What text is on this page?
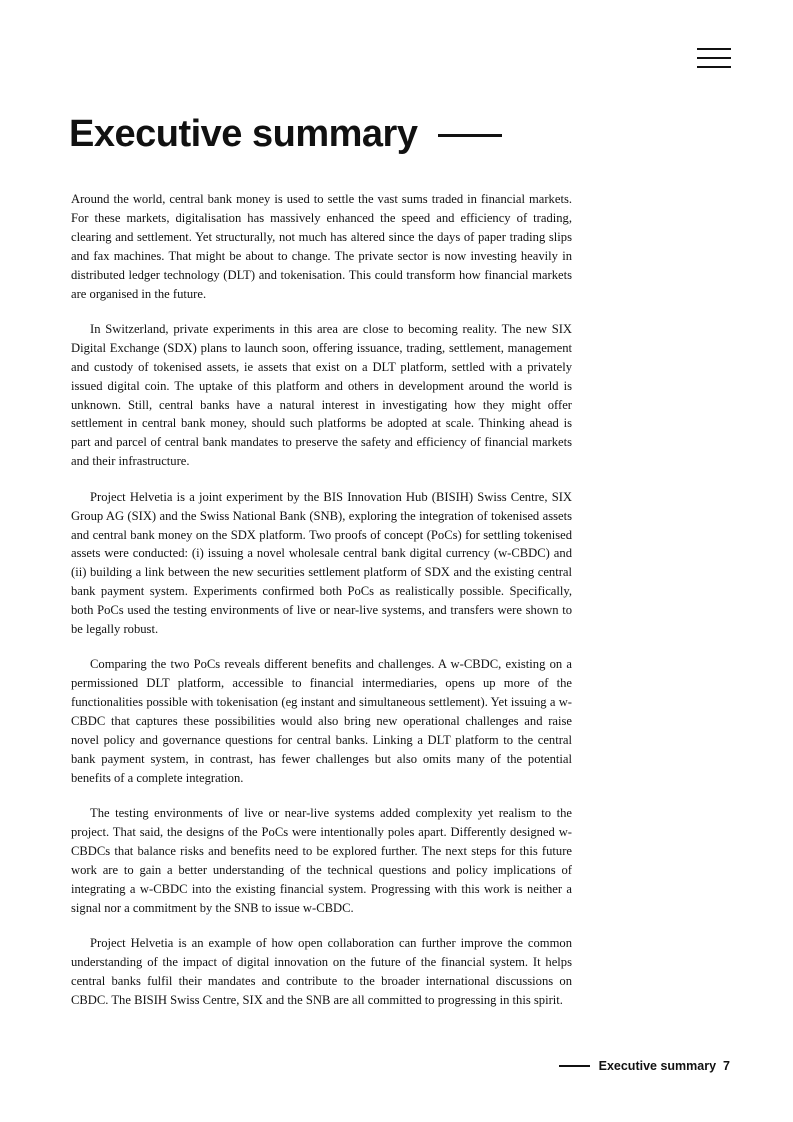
Executive summary

Around the world, central bank money is used to settle the vast sums traded in financial markets. For these markets, digitalisation has massively enhanced the speed and efficiency of trading, clearing and settlement. Yet structurally, not much has altered since the days of paper trading slips and fax machines. That might be about to change. The private sector is now investing heavily in distributed ledger technology (DLT) and tokenisation. This could transform how financial markets are organised in the future.

In Switzerland, private experiments in this area are close to becoming reality. The new SIX Digital Exchange (SDX) plans to launch soon, offering issuance, trading, settlement, management and custody of tokenised assets, ie assets that exist on a DLT platform, settled with a privately issued digital coin. The uptake of this platform and others in development around the world is unknown. Still, central banks have a natural interest in investigating how they might offer settlement in central bank money, should such platforms be adopted at scale. Thinking ahead is part and parcel of central bank mandates to preserve the safety and efficiency of financial markets and their infrastructure.

Project Helvetia is a joint experiment by the BIS Innovation Hub (BISIH) Swiss Centre, SIX Group AG (SIX) and the Swiss National Bank (SNB), exploring the integration of tokenised assets and central bank money on the SDX platform. Two proofs of concept (PoCs) for settling tokenised assets were conducted: (i) issuing a novel wholesale central bank digital currency (w-CBDC) and (ii) building a link between the new securities settlement platform of SDX and the existing central bank payment system. Experiments confirmed both PoCs as realistically possible. Specifically, both PoCs used the testing environments of live or near-live systems, and transfers were shown to be legally robust.

Comparing the two PoCs reveals different benefits and challenges. A w-CBDC, existing on a permissioned DLT platform, accessible to financial intermediaries, opens up more of the functionalities possible with tokenisation (eg instant and simultaneous settlement). Yet issuing a w-CBDC that captures these possibilities would also bring new operational challenges and raise novel policy and governance questions for central banks. Linking a DLT platform to the central bank payment system, in contrast, has fewer challenges but also omits many of the potential benefits of a complete integration.

The testing environments of live or near-live systems added complexity yet realism to the project. That said, the designs of the PoCs were intentionally poles apart. Differently designed w-CBDCs that balance risks and benefits need to be explored further. The next steps for this future work are to gain a better understanding of the technical questions and policy implications of integrating a w-CBDC into the existing financial system. Progressing with this work is neither a signal nor a commitment by the SNB to issue w-CBDC.

Project Helvetia is an example of how open collaboration can further improve the common understanding of the impact of digital innovation on the future of the financial system. It helps central banks fulfil their mandates and contribute to the broader international discussions on CBDC. The BISIH Swiss Centre, SIX and the SNB are all committed to progressing in this spirit.

Executive summary 7
